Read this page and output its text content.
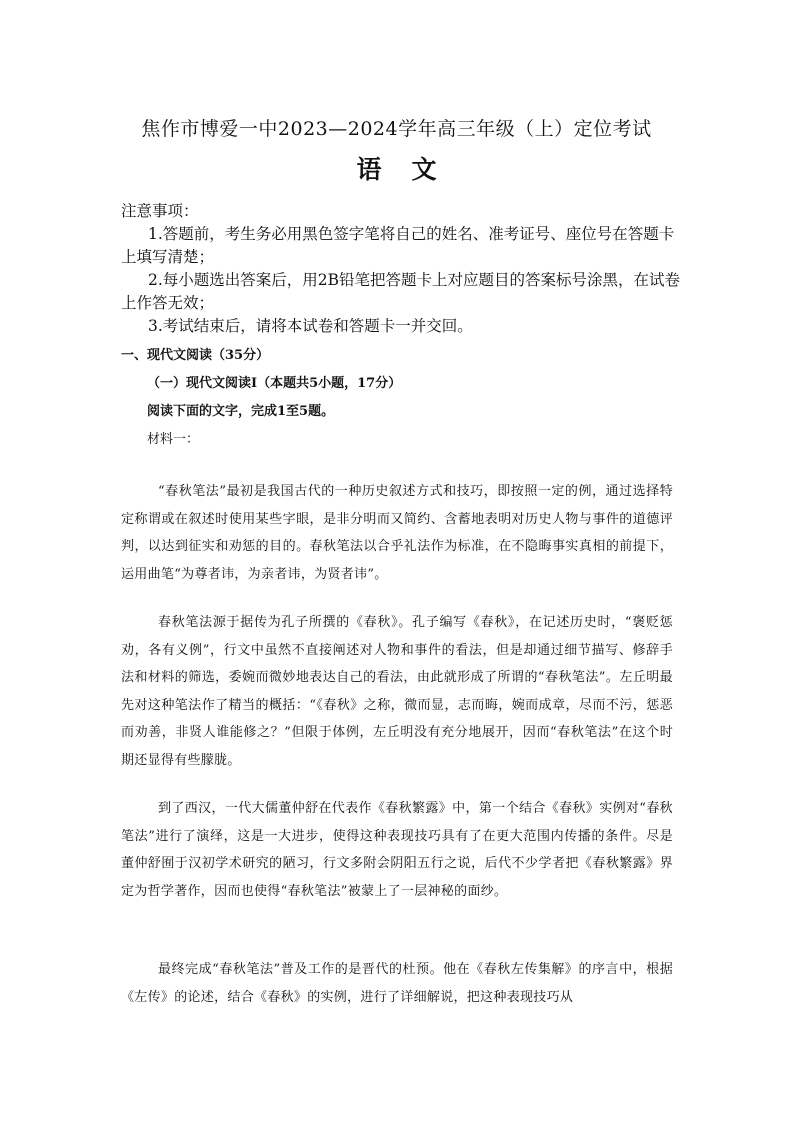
焦作市博爱一中2023—2024学年高三年级（上）定位考试
语文

注意事项：

1.答题前，考生务必用黑色签字笔将自己的姓名、准考证号、座位号在答题卡上填写清楚；

2.每小题选出答案后，用2B铅笔把答题卡上对应题目的答案标号涂黑，在试卷上作答无效；

3.考试结束后，请将本试卷和答题卡一并交回。

一、现代文阅读（35分）
（一）现代文阅读Ⅰ（本题共5小题，17分）
阅读下面的文字，完成1至5题。
材料一：

“春秋笔法”最初是我国古代的一种历史叙述方式和技巧，即按照一定的例，通过选择特定称谓或在叙述时使用某些字眼，是非分明而又简约、含蓄地表明对历史人物与事件的道德评判，以达到征实和劝惩的目的。春秋笔法以合乎礼法作为标准，在不隐晦事实真相的前提下，运用曲笔“为尊者讳，为亲者讳，为贤者讳”。

春秋笔法源于据传为孔子所撰的《春秋》。孔子编写《春秋》，在记述历史时，“褒贬惩劝，各有义例”，行文中虽然不直接阐述对人物和事件的看法，但是却通过细节描写、修辞手法和材料的筛选，委婉而微妙地表达自己的看法，由此就形成了所谓的“春秋笔法”。左丘明最先对这种笔法作了精当的概括：“《春秋》之称，微而显，志而晦，婉而成章，尽而不污，惩恶而劝善，非贤人谁能修之？”但限于体例，左丘明没有充分地展开，因而“春秋笔法”在这个时期还显得有些朦胧。

到了西汉，一代大儒董仲舒在代表作《春秋繁露》中，第一个结合《春秋》实例对“春秋笔法”进行了演绎，这是一大进步，使得这种表现技巧具有了在更大范围内传播的条件。尽是董仲舒囿于汉初学术研究的陋习，行文多附会阴阳五行之说，后代不少学者把《春秋繁露》界定为哲学著作，因而也使得“春秋笔法”被蒙上了一层神秘的面纱。

最终完成“春秋笔法”普及工作的是晋代的杜预。他在《春秋左传集解》的序言中，根据《左传》的论述，结合《春秋》的实例，进行了详细解说，把这种表现技巧从
